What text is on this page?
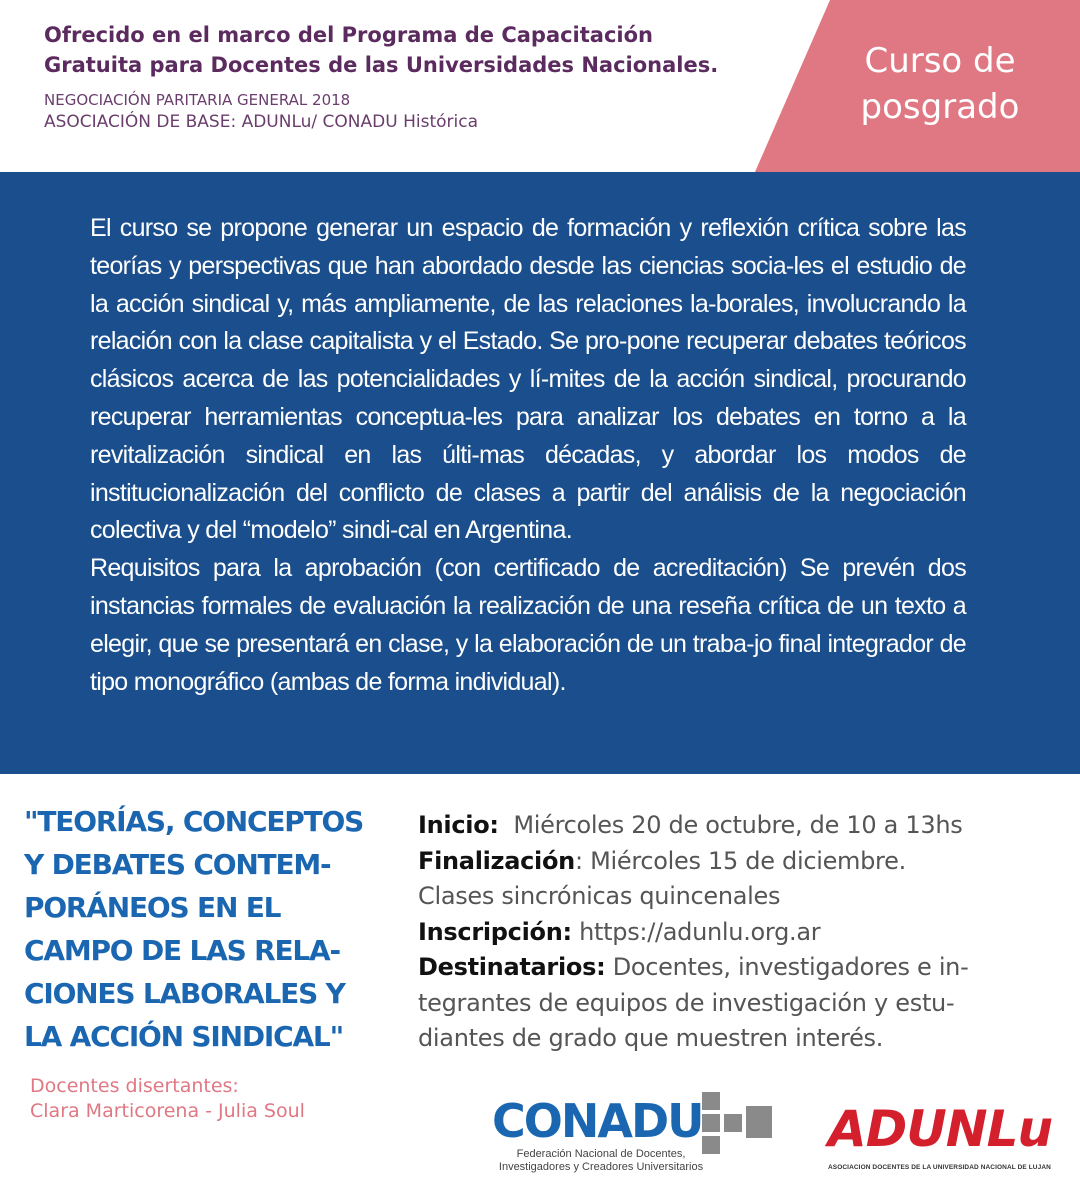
Ofrecido en el marco del Programa de Capacitación
Gratuita para Docentes de las Universidades Nacionales.
NEGOCIACIÓN PARITARIA GENERAL 2018
ASOCIACIÓN DE BASE: ADUNLu/ CONADU Histórica
Curso de
posgrado

El curso se propone generar un espacio de formación y reflexión crítica sobre las teorías y perspectivas que han abordado desde las ciencias socia-les el estudio de la acción sindical y, más ampliamente, de las relaciones la-borales, involucrando la relación con la clase capitalista y el Estado. Se pro-pone recuperar debates teóricos clásicos acerca de las potencialidades y lí-mites de la acción sindical, procurando recuperar herramientas conceptua-les para analizar los debates en torno a la revitalización sindical en las últi-mas décadas, y abordar los modos de institucionalización del conflicto de clases a partir del análisis de la negociación colectiva y del “modelo” sindi-cal en Argentina.

Requisitos para la aprobación (con certificado de acreditación) Se prevén dos instancias formales de evaluación la realización de una reseña crítica de un texto a elegir, que se presentará en clase, y la elaboración de un traba-jo final integrador de tipo monográfico (ambas de forma individual).

"TEORÍAS, CONCEPTOS
Y DEBATES CONTEM-
PORÁNEOS EN EL
CAMPO DE LAS RELA-
CIONES LABORALES Y
LA ACCIÓN SINDICAL"
Docentes disertantes:
Clara Marticorena - Julia Soul
Inicio: Miércoles 20 de octubre, de 10 a 13hs
Finalización: Miércoles 15 de diciembre.
Clases sincrónicas quincenales
Inscripción: https://adunlu.org.ar
Destinatarios: Docentes, investigadores e in-
tegrantes de equipos de investigación y estu-
diantes de grado que muestren interés.
CONADU
Federación Nacional de Docentes,
Investigadores y Creadores Universitarios
ADUNLu
ASOCIACION DOCENTES DE LA UNIVERSIDAD NACIONAL DE LUJAN
